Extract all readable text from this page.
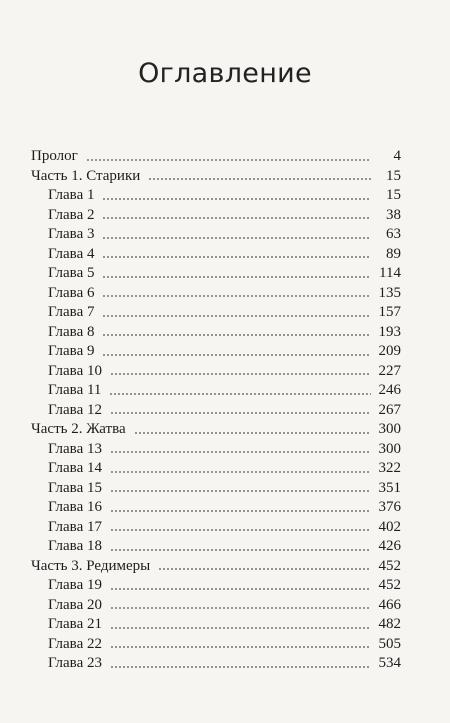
Оглавление
Пролог	4
Часть 1. Старики	15
Глава 1	15
Глава 2	38
Глава 3	63
Глава 4	89
Глава 5	114
Глава 6	135
Глава 7	157
Глава 8	193
Глава 9	209
Глава 10	227
Глава 11	246
Глава 12	267
Часть 2. Жатва	300
Глава 13	300
Глава 14	322
Глава 15	351
Глава 16	376
Глава 17	402
Глава 18	426
Часть 3. Редимеры	452
Глава 19	452
Глава 20	466
Глава 21	482
Глава 22	505
Глава 23	534
